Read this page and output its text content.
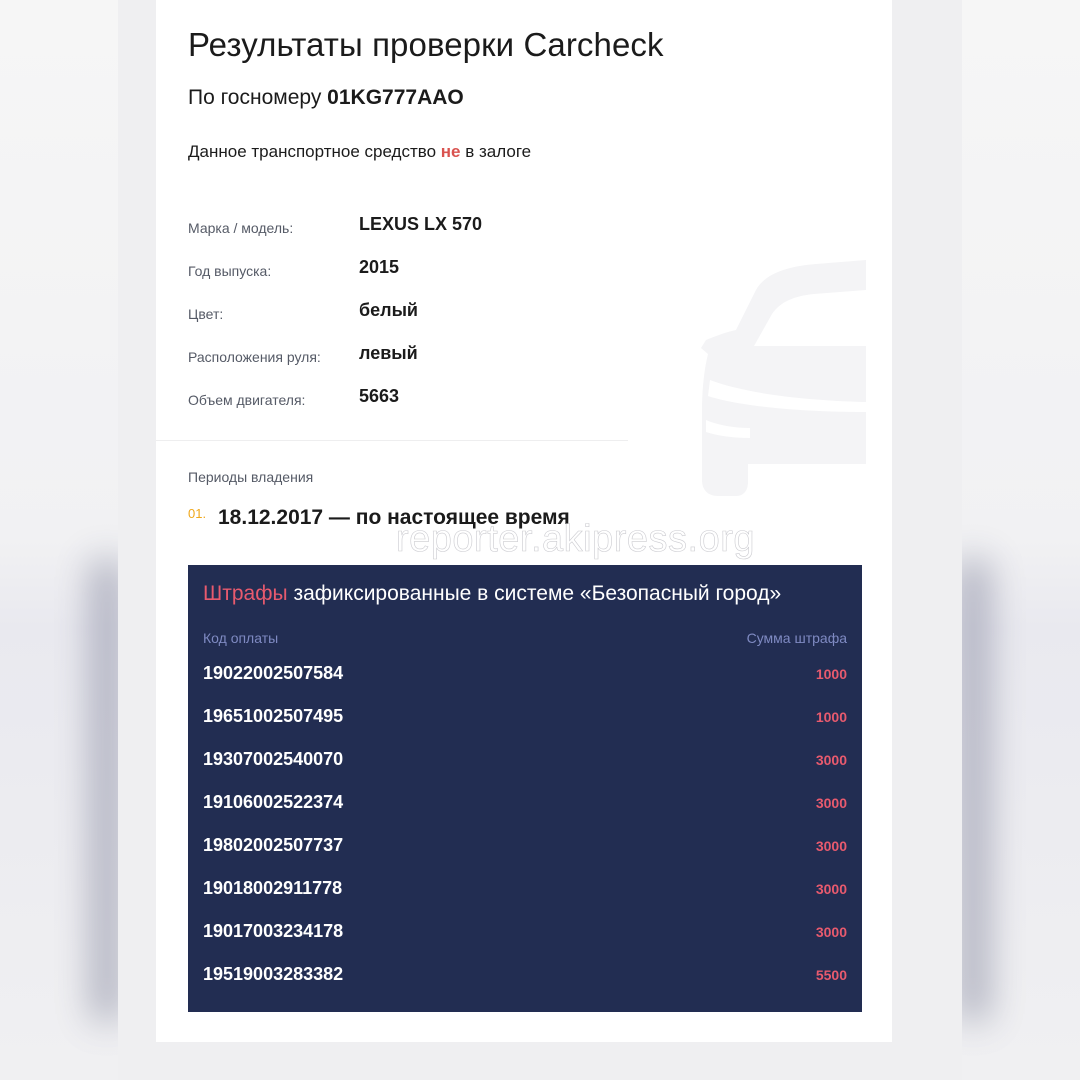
Результаты проверки Carcheck
По госномеру 01KG777AAO
Данное транспортное средство не в залоге
Марка / модель:	LEXUS LX 570
Год выпуска:	2015
Цвет:	белый
Расположения руля: левый
Объем двигателя:	5663
Периоды владения
01. 18.12.2017 — по настоящее время
reporter.akipress.org
Штрафы зафиксированные в системе «Безопасный город»
Код оплаты	Сумма штрафа
19022002507584	1000
19651002507495	1000
19307002540070	3000
19106002522374	3000
19802002507737	3000
19018002911778	3000
19017003234178	3000
19519003283382	5500
